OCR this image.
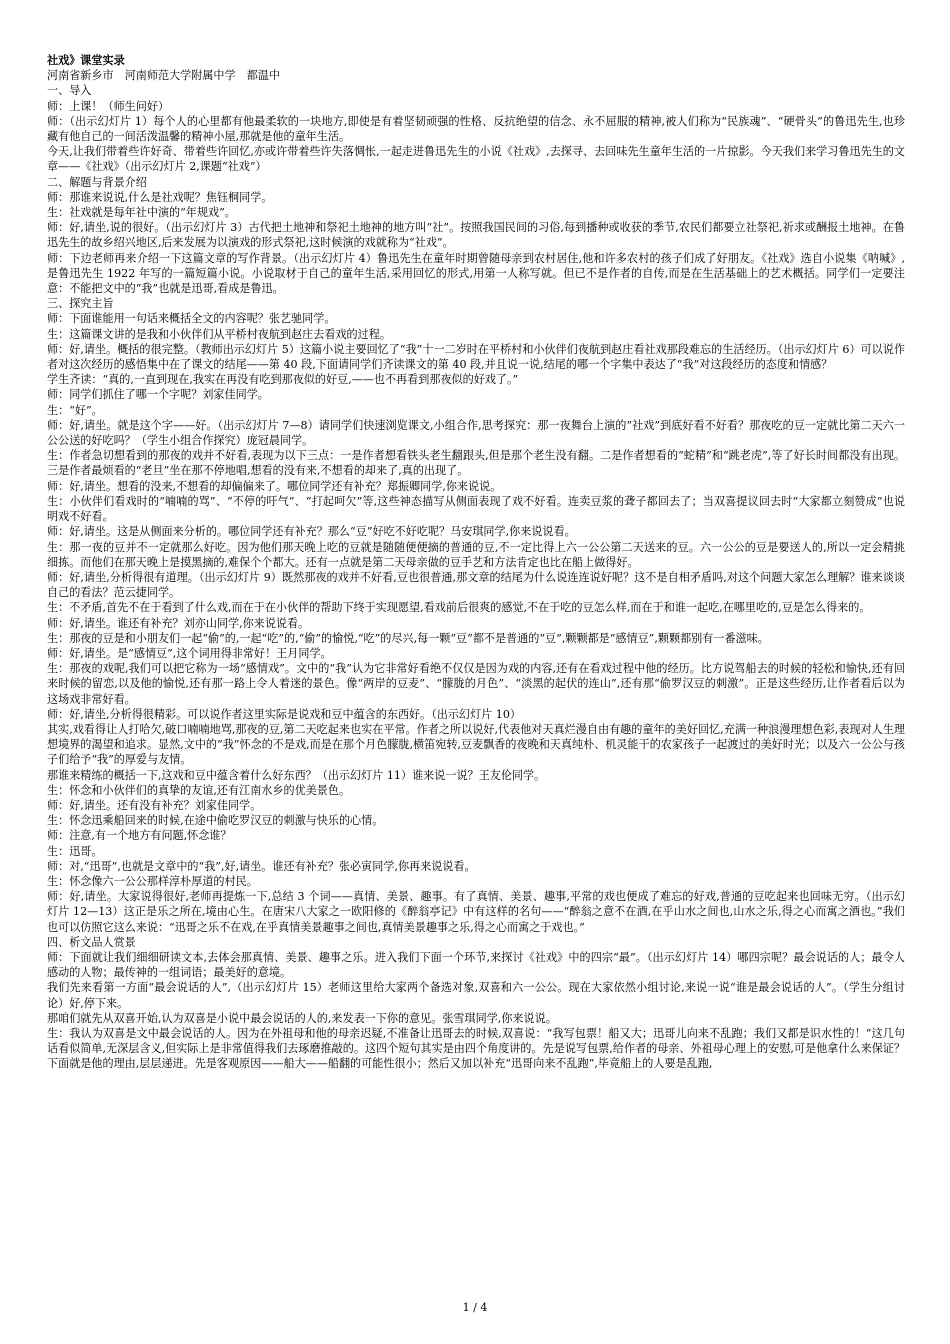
社戏》课堂实录

河南省新乡市　河南师范大学附属中学　都温中

一、导入

师：上课！（师生问好）

师：（出示幻灯片 1）每个人的心里都有他最柔软的一块地方,即使是有着坚韧顽强的性格、反抗绝望的信念、永不屈服的精神,被人们称为“民族魂”、“硬骨头”的鲁迅先生,也珍藏有他自己的一间活泼温馨的精神小屋,那就是他的童年生活。

今天,让我们带着些许好奇、带着些许回忆,亦或许带着些许失落惆怅,一起走进鲁迅先生的小说《社戏》,去探寻、去回味先生童年生活的一片掠影。今天我们来学习鲁迅先生的文章——《社戏》（出示幻灯片 2,课题“社戏”）

二、解题与背景介绍

师：那谁来说说,什么是社戏呢？焦钰桐同学。

生：社戏就是每年社中演的“年规戏”。

师：好,请坐,说的很好。（出示幻灯片 3）古代把土地神和祭祀土地神的地方叫“社”。按照我国民间的习俗,每到播种或收获的季节,农民们都要立社祭祀,祈求或酬报土地神。在鲁迅先生的故乡绍兴地区,后来发展为以演戏的形式祭祀,这时候演的戏就称为“社戏”。

师：下边老师再来介绍一下这篇文章的写作背景。（出示幻灯片 4）鲁迅先生在童年时期曾随母亲到农村居住,他和许多农村的孩子们成了好朋友。《社戏》选自小说集《呐喊》,是鲁迅先生 1922 年写的一篇短篇小说。小说取材于自己的童年生活,采用回忆的形式,用第一人称写就。但已不是作者的自传,而是在生活基础上的艺术概括。同学们一定要注意：不能把文中的“我”也就是迅哥,看成是鲁迅。

三、探究主旨

师：下面谁能用一句话来概括全文的内容呢？张艺驰同学。

生：这篇课文讲的是我和小伙伴们从平桥村夜航到赵庄去看戏的过程。

师：好,请坐。概括的很完整。（教师出示幻灯片 5）这篇小说主要回忆了“我”十一二岁时在平桥村和小伙伴们夜航到赵庄看社戏那段难忘的生活经历。（出示幻灯片 6）可以说作者对这次经历的感悟集中在了课文的结尾——第 40 段,下面请同学们齐读课文的第 40 段,并且说一说,结尾的哪一个字集中表达了“我”对这段经历的态度和情感？

学生齐读：“真的,一直到现在,我实在再没有吃到那夜似的好豆,——也不再看到那夜似的好戏了。”

师：同学们抓住了哪一个字呢？刘家佳同学。

生：“好”。

师：好,请坐。就是这个字——好。（出示幻灯片 7—8）请同学们快速浏览课文,小组合作,思考探究：那一夜舞台上演的“社戏”到底好看不好看？那夜吃的豆一定就比第二天六一公公送的好吃吗？（学生小组合作探究）庞冠晨同学。

生：作者急切想看到的那夜的戏并不好看,表现为以下三点：一是作者想看铁头老生翻跟头,但是那个老生没有翻。二是作者想看的“蛇精”和“跳老虎”,等了好长时间都没有出现。三是作者最烦看的“老旦”坐在那不停地唱,想看的没有来,不想看的却来了,真的出现了。

师：好,请坐。想看的没来,不想看的却偏偏来了。哪位同学还有补充？郑振卿同学,你来说说。

生：小伙伴们看戏时的“喃喃的骂”、“不停的吁气”、“打起呵欠”等,这些神态描写从侧面表现了戏不好看。连卖豆浆的聋子都回去了；当双喜提议回去时“大家都立刻赞成”也说明戏不好看。

师：好,请坐。这是从侧面来分析的。哪位同学还有补充？那么“豆”好吃不好吃呢？马安琪同学,你来说说看。

生：那一夜的豆并不一定就那么好吃。因为他们那天晚上吃的豆就是随随便便摘的普通的豆,不一定比得上六一公公第二天送来的豆。六一公公的豆是要送人的,所以一定会精挑细拣。而他们在那天晚上是摸黑摘的,难保个个都大。还有一点就是第二天母亲做的豆手艺和方法肯定也比在船上做得好。

师：好,请坐,分析得很有道理。（出示幻灯片 9）既然那夜的戏并不好看,豆也很普通,那文章的结尾为什么说连连说好呢？这不是自相矛盾吗,对这个问题大家怎么理解？谁来谈谈自己的看法？范云捷同学。

生：不矛盾,首先不在于看到了什么戏,而在于在小伙伴的帮助下终于实现愿望,看戏前后很爽的感觉,不在于吃的豆怎么样,而在于和谁一起吃,在哪里吃的,豆是怎么得来的。

师：好,请坐。谁还有补充？刘亦山同学,你来说说看。

生：那夜的豆是和小朋友们一起“偷”的,一起“吃”的,“偷”的愉悦,“吃”的尽兴,每一颗“豆”都不是普通的“豆”,颗颗都是“感情豆”,颗颗都别有一番滋味。

师：好,请坐。是“感情豆”,这个词用得非常好！王月同学。

生：那夜的戏呢,我们可以把它称为一场“感情戏”。文中的“我”认为它非常好看绝不仅仅是因为戏的内容,还有在看戏过程中他的经历。比方说驾船去的时候的轻松和愉快,还有回来时候的留恋,以及他的愉悦,还有那一路上令人着迷的景色。像“两岸的豆麦”、“朦胧的月色”、“淡黑的起伏的连山”,还有那“偷罗汉豆的刺激”。正是这些经历,让作者看后以为这场戏非常好看。

师：好,请坐,分析得很精彩。可以说作者这里实际是说戏和豆中蕴含的东西好。（出示幻灯片 10）

其实,戏看得让人打哈欠,破口喃喃地骂,那夜的豆,第二天吃起来也实在平常。作者之所以说好,代表他对天真烂漫自由有趣的童年的美好回忆,充满一种浪漫理想色彩,表现对人生理想境界的渴望和追求。显然,文中的“我”怀念的不是戏,而是在那个月色朦胧,横笛宛转,豆麦飘香的夜晚和天真纯朴、机灵能干的农家孩子一起渡过的美好时光；以及六一公公与孩子们给予“我”的厚爱与友情。

那谁来精练的概括一下,这戏和豆中蕴含着什么好东西？（出示幻灯片 11）谁来说一说？王友伦同学。

生：怀念和小伙伴们的真挚的友谊,还有江南水乡的优美景色。

师：好,请坐。还有没有补充？刘家佳同学。

生：怀念迅乘船回来的时候,在途中偷吃罗汉豆的刺激与快乐的心情。

师：注意,有一个地方有问题,怀念谁？

生：迅哥。

师：对,“迅哥”,也就是文章中的“我”,好,请坐。谁还有补充？张必寅同学,你再来说说看。

生：怀念像六一公公那样淳朴厚道的村民。

师：好,请坐。大家说得很好,老师再提炼一下,总结 3 个词——真情、美景、趣事。有了真情、美景、趣事,平常的戏也便成了难忘的好戏,普通的豆吃起来也回味无穷。（出示幻灯片 12—13）这正是乐之所在,境由心生。在唐宋八大家之一欧阳修的《醉翁亭记》中有这样的名句——“醉翁之意不在酒,在乎山水之间也,山水之乐,得之心而寓之酒也。”我们也可以仿照它这么来说：“迅哥之乐不在戏,在乎真情美景趣事之间也,真情美景趣事之乐,得之心而寓之于戏也。”

四、析文品人赏景

师：下面就让我们细细研读文本,去体会那真情、美景、趣事之乐。进入我们下面一个环节,来探讨《社戏》中的四宗“最”。（出示幻灯片 14）哪四宗呢？最会说话的人；最令人感动的人物；最传神的一组词语；最美好的意境。

我们先来看第一方面“最会说话的人”,（出示幻灯片 15）老师这里给大家两个备选对象,双喜和六一公公。现在大家依然小组讨论,来说一说“谁是最会说话的人”。（学生分组讨论）好,停下来。

那咱们就先从双喜开始,认为双喜是小说中最会说话的人的,来发表一下你的意见。张雪琪同学,你来说说。

生：我认为双喜是文中最会说话的人。因为在外祖母和他的母亲迟疑,不准备让迅哥去的时候,双喜说：“我写包票！船又大；迅哥儿向来不乱跑；我们又都是识水性的！”这几句话看似简单,无深层含义,但实际上是非常值得我们去琢磨推敲的。这四个短句其实是由四个角度讲的。先是说写包票,给作者的母亲、外祖母心理上的安慰,可是他拿什么来保证？下面就是他的理由,层层递进。先是客观原因——船大——船翻的可能性很小；然后又加以补充“迅哥向来不乱跑”,毕竟船上的人要是乱跑,

1 / 4
